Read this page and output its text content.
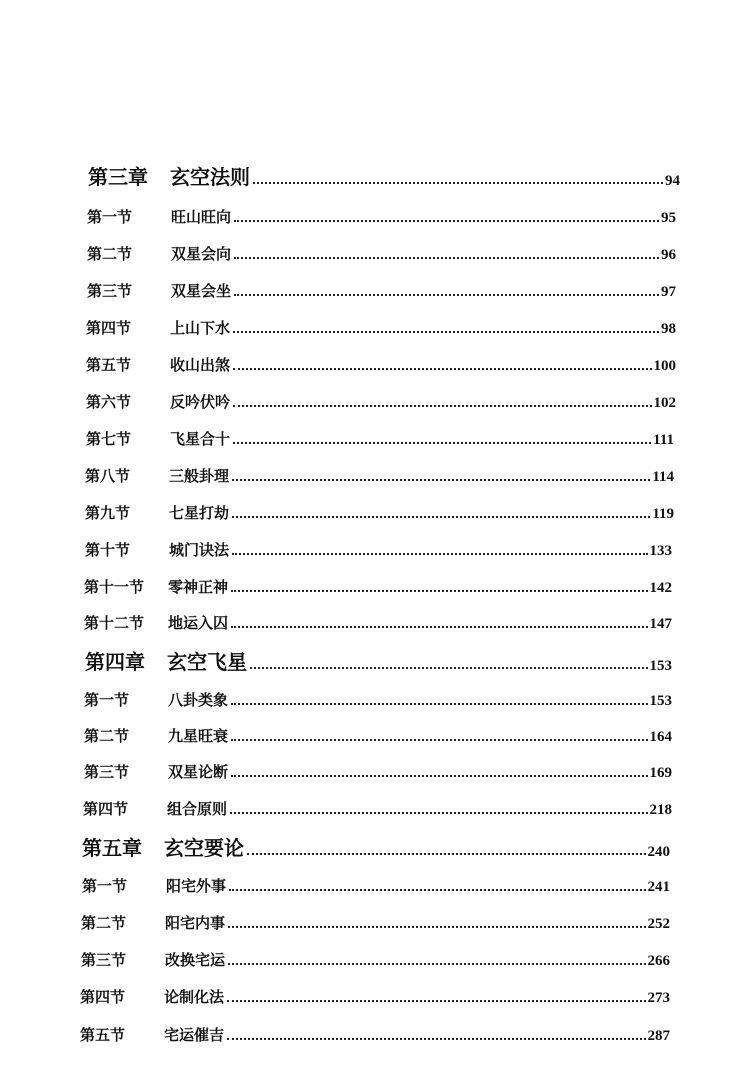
第三章	玄空法则	94
第一节	旺山旺向	95
第二节	双星会向	96
第三节	双星会坐	97
第四节	上山下水	98
第五节	收山出煞	100
第六节	反吟伏吟	102
第七节	飞星合十	111
第八节	三般卦理	114
第九节	七星打劫	119
第十节	城门诀法	133
第十一节	零神正神	142
第十二节	地运入囚	147
第四章	玄空飞星	153
第一节	八卦类象	153
第二节	九星旺衰	164
第三节	双星论断	169
第四节	组合原则	218
第五章	玄空要论	240
第一节	阳宅外事	241
第二节	阳宅内事	252
第三节	改换宅运	266
第四节	论制化法	273
第五节	宅运催吉	287
